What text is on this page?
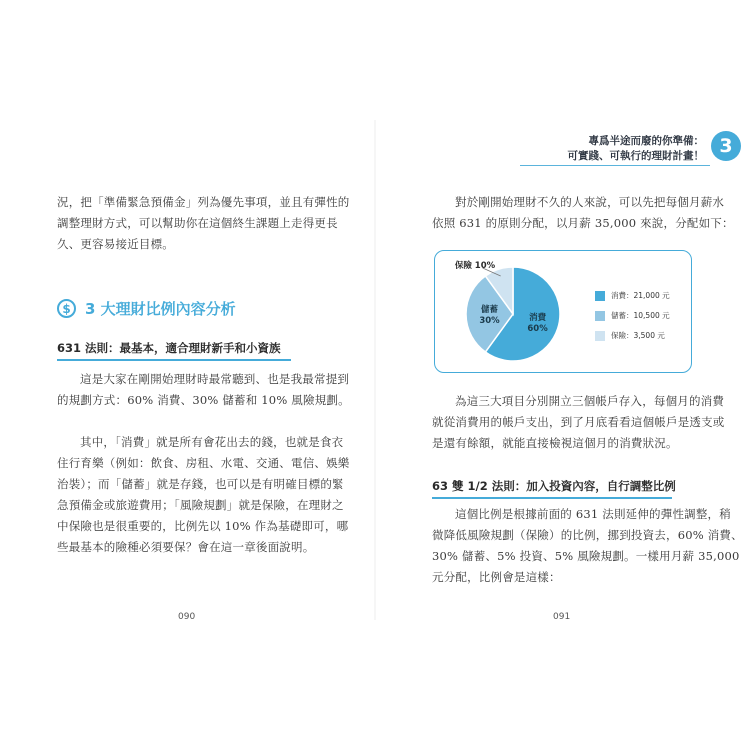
專爲半途而廢的你準備：
可實踐、可執行的理財計畫！ 3
況，把「準備緊急預備金」列為優先事項，並且有彈性的
調整理財方式，可以幫助你在這個終生課題上走得更長
久、更容易接近目標。
$ 3 大理財比例內容分析
631 法則：最基本，適合理財新手和小資族
這是大家在剛開始理財時最常聽到、也是我最常提到
的規劃方式：60% 消費、30% 儲蓄和 10% 風險規劃。
其中，「消費」就是所有會花出去的錢，也就是食衣
住行育樂（例如：飲食、房租、水電、交通、電信、娛樂
治裝）；而「儲蓄」就是存錢，也可以是有明確目標的緊
急預備金或旅遊費用；「風險規劃」就是保險，在理財之
中保險也是很重要的，比例先以 10% 作為基礎即可，哪
些最基本的險種必須要保？會在這一章後面說明。
090
對於剛開始理財不久的人來說，可以先把每個月薪水
依照 631 的原則分配，以月薪 35,000 來說，分配如下：
消費
60%
儲蓄
30%
保險 10%
消費：21,000 元
儲蓄：10,500 元
保險：3,500 元
為這三大項目分別開立三個帳戶存入，每個月的消費
就從消費用的帳戶支出，到了月底看看這個帳戶是透支或
是還有餘額，就能直接檢視這個月的消費狀況。
63 雙 1/2 法則：加入投資內容，自行調整比例
這個比例是根據前面的 631 法則延伸的彈性調整，稍
微降低風險規劃（保險）的比例，挪到投資去，60% 消費、
30% 儲蓄、5% 投資、5% 風險規劃。一樣用月薪 35,000
元分配，比例會是這樣：
091
